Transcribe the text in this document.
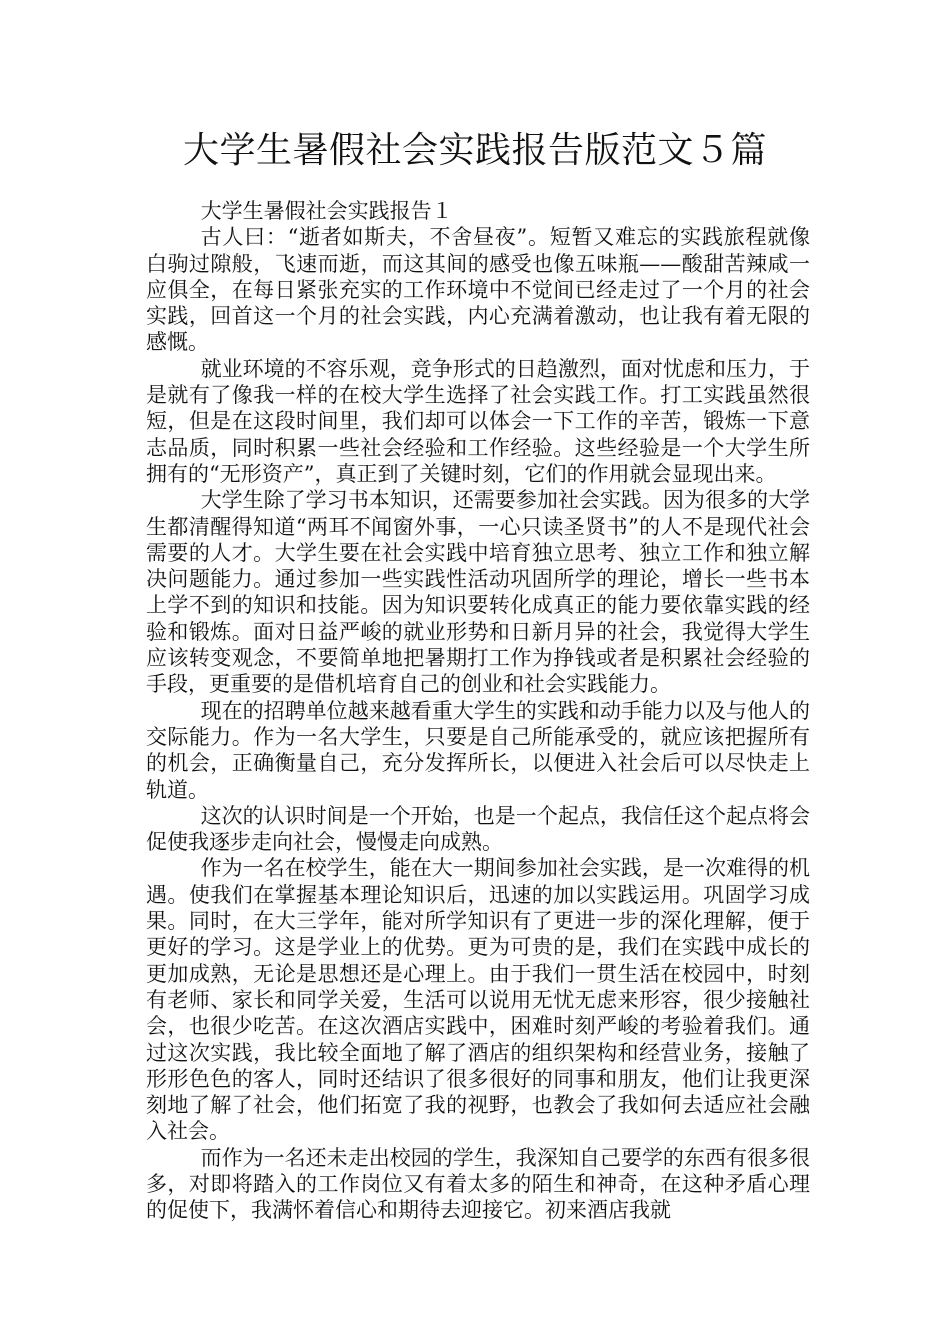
大学生暑假社会实践报告版范文５篇

大学生暑假社会实践报告１

古人曰：“逝者如斯夫，不舍昼夜”。短暂又难忘的实践旅程就像白驹过隙般，飞速而逝，而这其间的感受也像五味瓶——酸甜苦辣咸一应俱全，在每日紧张充实的工作环境中不觉间已经走过了一个月的社会实践，回首这一个月的社会实践，内心充满着激动，也让我有着无限的感慨。

就业环境的不容乐观，竞争形式的日趋激烈，面对忧虑和压力，于是就有了像我一样的在校大学生选择了社会实践工作。打工实践虽然很短，但是在这段时间里，我们却可以体会一下工作的辛苦，锻炼一下意志品质，同时积累一些社会经验和工作经验。这些经验是一个大学生所拥有的“无形资产”，真正到了关键时刻，它们的作用就会显现出来。

大学生除了学习书本知识，还需要参加社会实践。因为很多的大学生都清醒得知道“两耳不闻窗外事，一心只读圣贤书”的人不是现代社会需要的人才。大学生要在社会实践中培育独立思考、独立工作和独立解决问题能力。通过参加一些实践性活动巩固所学的理论，增长一些书本上学不到的知识和技能。因为知识要转化成真正的能力要依靠实践的经验和锻炼。面对日益严峻的就业形势和日新月异的社会，我觉得大学生应该转变观念，不要简单地把暑期打工作为挣钱或者是积累社会经验的手段，更重要的是借机培育自己的创业和社会实践能力。

现在的招聘单位越来越看重大学生的实践和动手能力以及与他人的交际能力。作为一名大学生，只要是自己所能承受的，就应该把握所有的机会，正确衡量自己，充分发挥所长，以便进入社会后可以尽快走上轨道。

这次的认识时间是一个开始，也是一个起点，我信任这个起点将会促使我逐步走向社会，慢慢走向成熟。

作为一名在校学生，能在大一期间参加社会实践，是一次难得的机遇。使我们在掌握基本理论知识后，迅速的加以实践运用。巩固学习成果。同时，在大三学年，能对所学知识有了更进一步的深化理解，便于更好的学习。这是学业上的优势。更为可贵的是，我们在实践中成长的更加成熟，无论是思想还是心理上。由于我们一贯生活在校园中，时刻有老师、家长和同学关爱，生活可以说用无忧无虑来形容，很少接触社会，也很少吃苦。在这次酒店实践中，困难时刻严峻的考验着我们。通过这次实践，我比较全面地了解了酒店的组织架构和经营业务，接触了形形色色的客人，同时还结识了很多很好的同事和朋友，他们让我更深刻地了解了社会，他们拓宽了我的视野，也教会了我如何去适应社会融入社会。

而作为一名还未走出校园的学生，我深知自己要学的东西有很多很多，对即将踏入的工作岗位又有着太多的陌生和神奇，在这种矛盾心理的促使下，我满怀着信心和期待去迎接它。初来酒店我就
